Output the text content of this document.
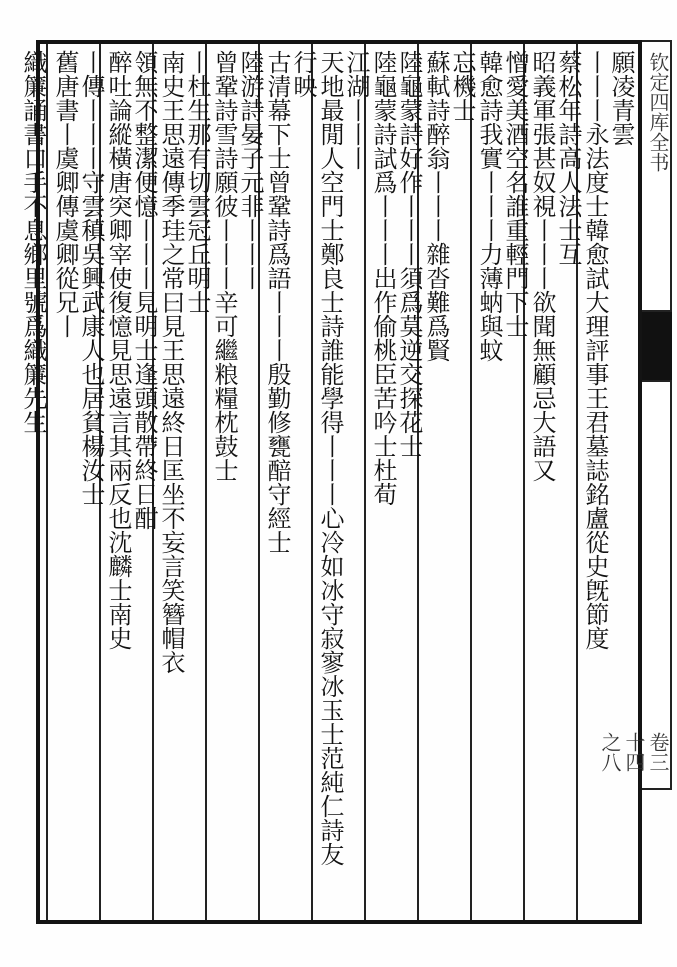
钦定四库全书
卷三十四之八
願凌青雲
丨丨丨永法度士韓愈試大理評事王君墓誌銘盧從史旣節度
蔡松年詩高人法士互
昭義軍張甚奴視丨丨丨欲聞無顧忌大語又
憎愛美酒空名誰重輕門下士
韓愈詩我實丨丨丨力薄蚋與蚊
忘機士
蘇軾詩醉翁丨丨丨雜沓難爲賢
陸龜蒙詩好作丨丨丨須爲莫逆交探花士
陸龜蒙詩試爲丨丨丨出作偷桃臣苦吟士杜荀
江湖丨丨丨
天地最閒人空門士鄭良士詩誰能學得丨丨丨心冷如冰守寂寥冰玉士范純仁詩友
行映
古清幕下士曾鞏詩爲語丨丨丨殷勤修甕醅守經士
陸游詩晏子元非丨丨丨
曾鞏詩雪詩願彼丨丨丨辛可繼粮糧枕鼓士
丨杜生那有切雲冠丘明士
南史王思遠傳季珪之常曰見王思遠終日匡坐不妄言笑簪帽衣
領無不整潔便憶丨丨丨見明士逢頭散帶終日酣
醉吐論縱橫唐突卿宰使復憶見思遠言其兩反也沈麟士南史
丨傳丨丨丨守雲稹吳興武康人也居貧楊汝士
舊唐書丨虞卿傳虞卿從兄丨
織簾誦書口手不息鄉里號爲織簾先生
